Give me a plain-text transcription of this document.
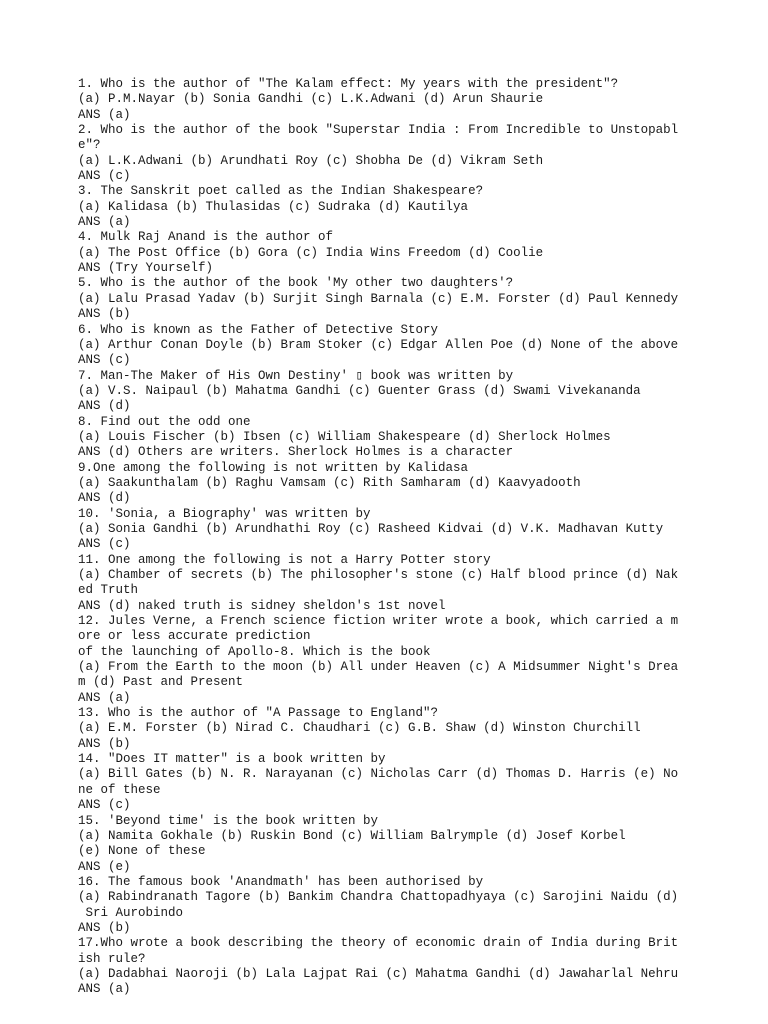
1. Who is the author of "The Kalam effect: My years with the president"?
(a) P.M.Nayar (b) Sonia Gandhi (c) L.K.Adwani (d) Arun Shaurie
ANS (a)
2. Who is the author of the book "Superstar India : From Incredible to Unstopabl
e"?
(a) L.K.Adwani (b) Arundhati Roy (c) Shobha De (d) Vikram Seth
ANS (c)
3. The Sanskrit poet called as the Indian Shakespeare?
(a) Kalidasa (b) Thulasidas (c) Sudraka (d) Kautilya
ANS (a)
4. Mulk Raj Anand is the author of
(a) The Post Office (b) Gora (c) India Wins Freedom (d) Coolie
ANS (Try Yourself)
5. Who is the author of the book 'My other two daughters'?
(a) Lalu Prasad Yadav (b) Surjit Singh Barnala (c) E.M. Forster (d) Paul Kennedy
ANS (b)
6. Who is known as the Father of Detective Story
(a) Arthur Conan Doyle (b) Bram Stoker (c) Edgar Allen Poe (d) None of the above
ANS (c)
7. Man-The Maker of His Own Destiny' ▯ book was written by
(a) V.S. Naipaul (b) Mahatma Gandhi (c) Guenter Grass (d) Swami Vivekananda
ANS (d)
8. Find out the odd one
(a) Louis Fischer (b) Ibsen (c) William Shakespeare (d) Sherlock Holmes
ANS (d) Others are writers. Sherlock Holmes is a character
9.One among the following is not written by Kalidasa
(a) Saakunthalam (b) Raghu Vamsam (c) Rith Samharam (d) Kaavyadooth
ANS (d)
10. 'Sonia, a Biography' was written by
(a) Sonia Gandhi (b) Arundhathi Roy (c) Rasheed Kidvai (d) V.K. Madhavan Kutty
ANS (c)
11. One among the following is not a Harry Potter story
(a) Chamber of secrets (b) The philosopher's stone (c) Half blood prince (d) Nak
ed Truth
ANS (d) naked truth is sidney sheldon's 1st novel
12. Jules Verne, a French science fiction writer wrote a book, which carried a m
ore or less accurate prediction
of the launching of Apollo-8. Which is the book
(a) From the Earth to the moon (b) All under Heaven (c) A Midsummer Night's Drea
m (d) Past and Present
ANS (a)
13. Who is the author of "A Passage to England"?
(a) E.M. Forster (b) Nirad C. Chaudhari (c) G.B. Shaw (d) Winston Churchill
ANS (b)
14. "Does IT matter" is a book written by
(a) Bill Gates (b) N. R. Narayanan (c) Nicholas Carr (d) Thomas D. Harris (e) No
ne of these
ANS (c)
15. 'Beyond time' is the book written by
(a) Namita Gokhale (b) Ruskin Bond (c) William Balrymple (d) Josef Korbel
(e) None of these
ANS (e)
16. The famous book 'Anandmath' has been authorised by
(a) Rabindranath Tagore (b) Bankim Chandra Chattopadhyaya (c) Sarojini Naidu (d)
Sri Aurobindo
ANS (b)
17.Who wrote a book describing the theory of economic drain of India during Brit
ish rule?
(a) Dadabhai Naoroji (b) Lala Lajpat Rai (c) Mahatma Gandhi (d) Jawaharlal Nehru
ANS (a)
